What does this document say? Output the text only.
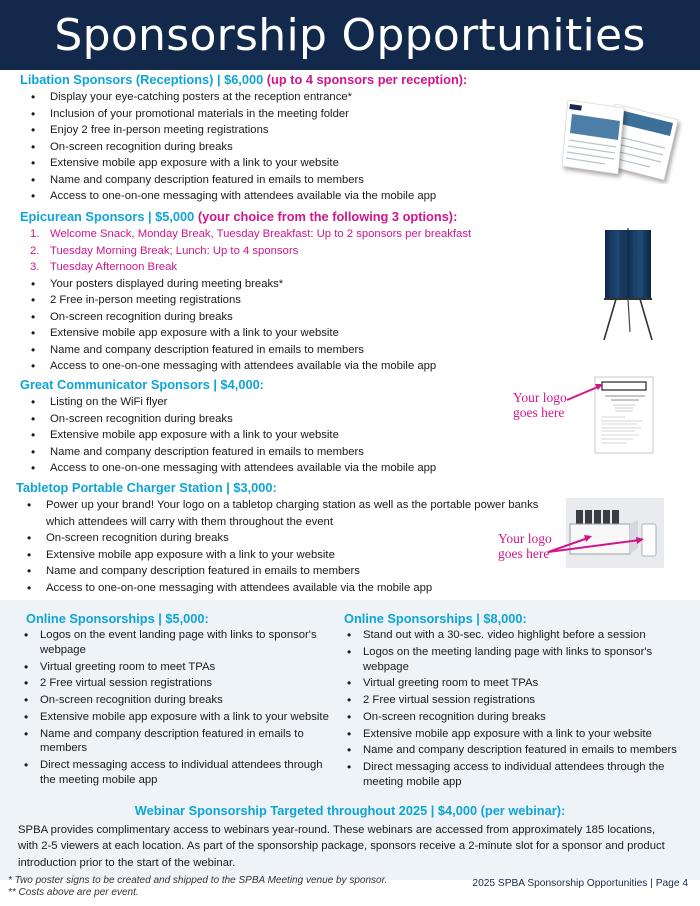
Sponsorship Opportunities
Libation Sponsors (Receptions) | $6,000 (up to 4 sponsors per reception):
• Display your eye-catching posters at the reception entrance*
• Inclusion of your promotional materials in the meeting folder
• Enjoy 2 free in-person meeting registrations
• On-screen recognition during breaks
• Extensive mobile app exposure with a link to your website
• Name and company description featured in emails to members
• Access to one-on-one messaging with attendees available via the mobile app
Epicurean Sponsors | $5,000 (your choice from the following 3 options):
1. Welcome Snack, Monday Break, Tuesday Breakfast: Up to 2 sponsors per breakfast
2. Tuesday Morning Break; Lunch: Up to 4 sponsors
3. Tuesday Afternoon Break
• Your posters displayed during meeting breaks*
• 2 Free in-person meeting registrations
• On-screen recognition during breaks
• Extensive mobile app exposure with a link to your website
• Name and company description featured in emails to members
• Access to one-on-one messaging with attendees available via the mobile app
Great Communicator Sponsors | $4,000:
• Listing on the WiFi flyer
• On-screen recognition during breaks
• Extensive mobile app exposure with a link to your website
• Name and company description featured in emails to members
• Access to one-on-one messaging with attendees available via the mobile app
Your logo
goes here
Tabletop Portable Charger Station | $3,000:
• Power up your brand! Your logo on a tabletop charging station as well as the portable power banks which attendees will carry with them throughout the event
• On-screen recognition during breaks
• Extensive mobile app exposure with a link to your website
• Name and company description featured in emails to members
• Access to one-on-one messaging with attendees available via the mobile app
Your logo
goes here
Online Sponsorships | $5,000:
• Logos on the event landing page with links to sponsor's webpage
• Virtual greeting room to meet TPAs
• 2 Free virtual session registrations
• On-screen recognition during breaks
• Extensive mobile app exposure with a link to your website
• Name and company description featured in emails to members
• Direct messaging access to individual attendees through the meeting mobile app
Online Sponsorships | $8,000:
• Stand out with a 30-sec. video highlight before a session
• Logos on the meeting landing page with links to sponsor's webpage
• Virtual greeting room to meet TPAs
• 2 Free virtual session registrations
• On-screen recognition during breaks
• Extensive mobile app exposure with a link to your website
• Name and company description featured in emails to members
• Direct messaging access to individual attendees through the meeting mobile app
Webinar Sponsorship Targeted throughout 2025 | $4,000 (per webinar):
SPBA provides complimentary access to webinars year-round. These webinars are accessed from approximately 185 locations, with 2-5 viewers at each location. As part of the sponsorship package, sponsors receive a 2-minute slot for a sponsor and product introduction prior to the start of the webinar.
* Two poster signs to be created and shipped to the SPBA Meeting venue by sponsor.
** Costs above are per event.
2025 SPBA Sponsorship Opportunities | Page 4
